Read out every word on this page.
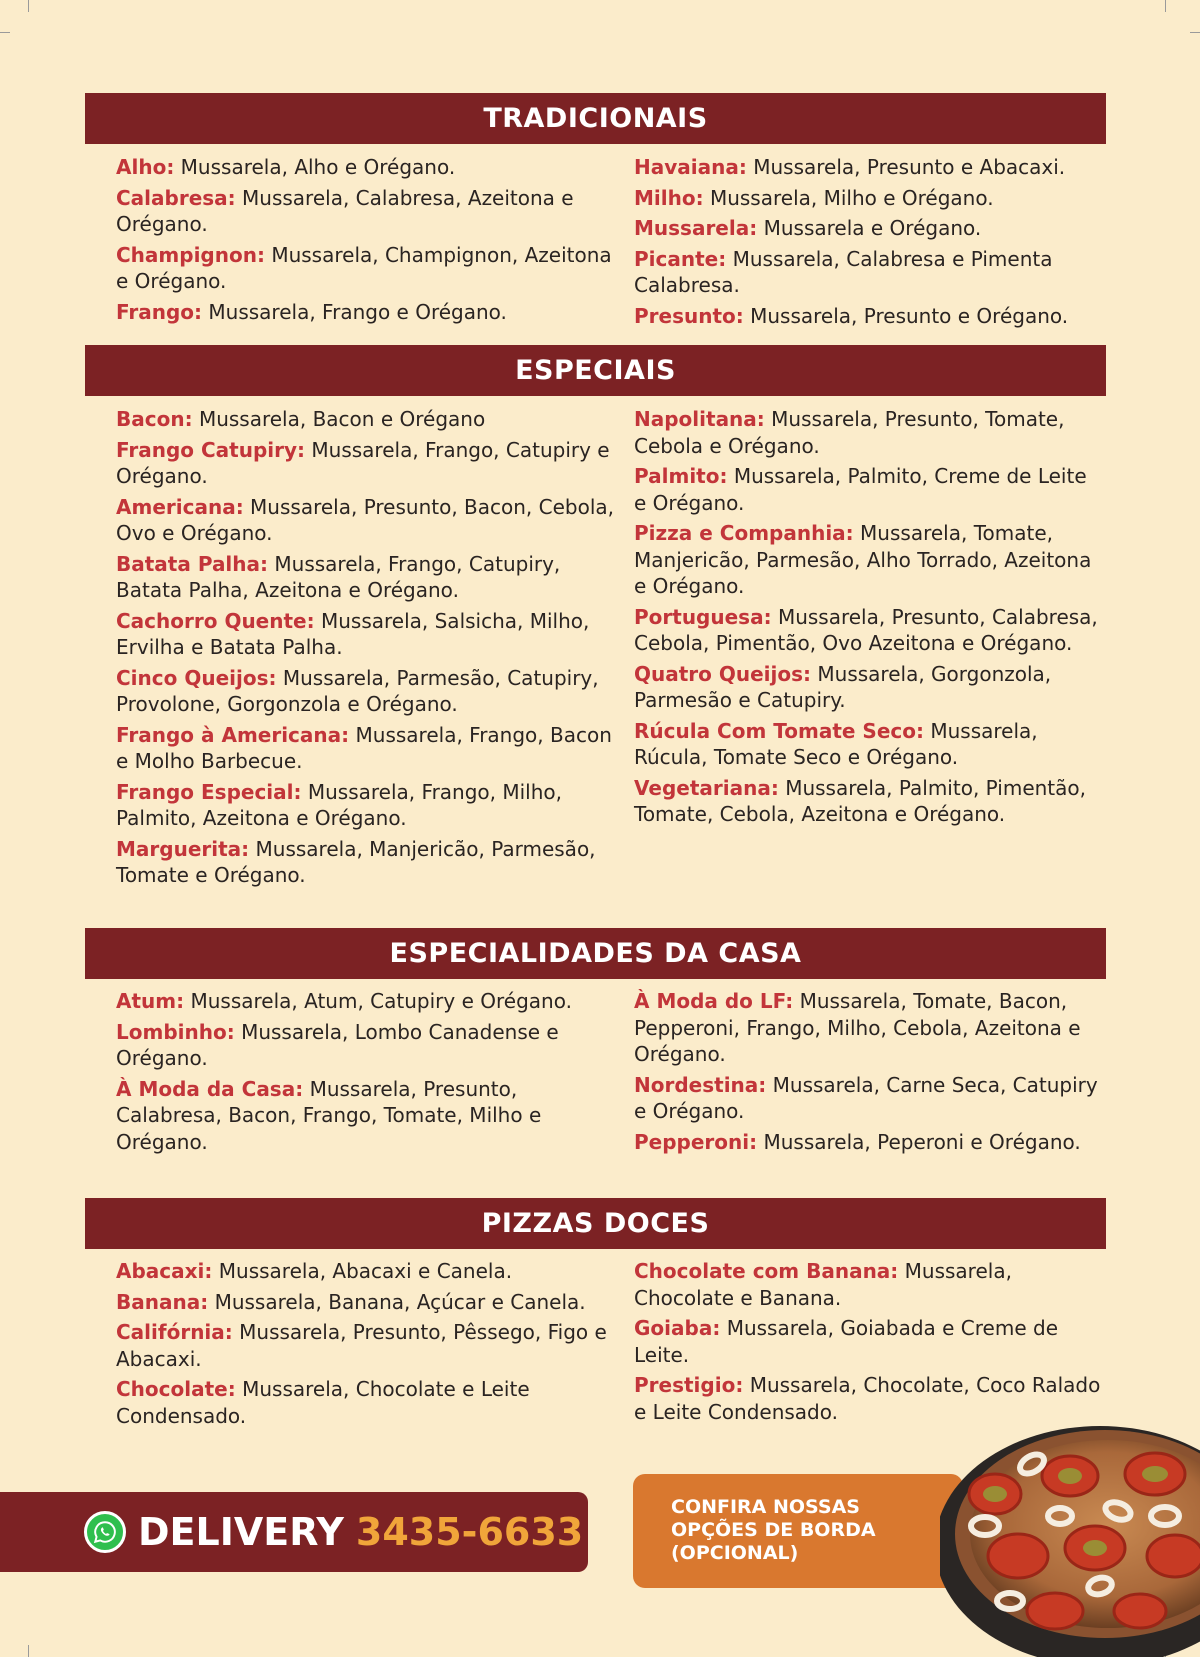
TRADICIONAIS
Alho: Mussarela, Alho e Orégano.
Calabresa: Mussarela, Calabresa, Azeitona e Orégano.
Champignon: Mussarela, Champignon, Azeitona e Orégano.
Frango: Mussarela, Frango e Orégano.
Havaiana: Mussarela, Presunto e Abacaxi.
Milho: Mussarela, Milho e Orégano.
Mussarela: Mussarela e Orégano.
Picante: Mussarela, Calabresa e Pimenta Calabresa.
Presunto: Mussarela, Presunto e Orégano.
ESPECIAIS
Bacon: Mussarela, Bacon e Orégano
Frango Catupiry: Mussarela, Frango, Catupiry e Orégano.
Americana: Mussarela, Presunto, Bacon, Cebola, Ovo e Orégano.
Batata Palha: Mussarela, Frango, Catupiry, Batata Palha, Azeitona e Orégano.
Cachorro Quente: Mussarela, Salsicha, Milho, Ervilha e Batata Palha.
Cinco Queijos: Mussarela, Parmesão, Catupiry, Provolone, Gorgonzola e Orégano.
Frango à Americana: Mussarela, Frango, Bacon e Molho Barbecue.
Frango Especial: Mussarela, Frango, Milho, Palmito, Azeitona e Orégano.
Marguerita: Mussarela, Manjericão, Parmesão, Tomate e Orégano.
Napolitana: Mussarela, Presunto, Tomate, Cebola e Orégano.
Palmito: Mussarela, Palmito, Creme de Leite e Orégano.
Pizza e Companhia: Mussarela, Tomate, Manjericão, Parmesão, Alho Torrado, Azeitona e Orégano.
Portuguesa: Mussarela, Presunto, Calabresa, Cebola, Pimentão, Ovo Azeitona e Orégano.
Quatro Queijos: Mussarela, Gorgonzola, Parmesão e Catupiry.
Rúcula Com Tomate Seco: Mussarela, Rúcula, Tomate Seco e Orégano.
Vegetariana: Mussarela, Palmito, Pimentão, Tomate, Cebola, Azeitona e Orégano.
ESPECIALIDADES DA CASA
Atum: Mussarela, Atum, Catupiry e Orégano.
Lombinho: Mussarela, Lombo Canadense e Orégano.
À Moda da Casa: Mussarela, Presunto, Calabresa, Bacon, Frango, Tomate, Milho e Orégano.
À Moda do LF: Mussarela, Tomate, Bacon, Pepperoni, Frango, Milho, Cebola, Azeitona e Orégano.
Nordestina: Mussarela, Carne Seca, Catupiry e Orégano.
Pepperoni: Mussarela, Peperoni e Orégano.
PIZZAS DOCES
Abacaxi: Mussarela, Abacaxi e Canela.
Banana: Mussarela, Banana, Açúcar e Canela.
Califórnia: Mussarela, Presunto, Pêssego, Figo e Abacaxi.
Chocolate: Mussarela, Chocolate e Leite Condensado.
Chocolate com Banana: Mussarela, Chocolate e Banana.
Goiaba: Mussarela, Goiabada e Creme de Leite.
Prestigio: Mussarela, Chocolate, Coco Ralado e Leite Condensado.
DELIVERY 3435-6633
CONFIRA NOSSAS
OPÇÕES DE BORDA
(OPCIONAL)
